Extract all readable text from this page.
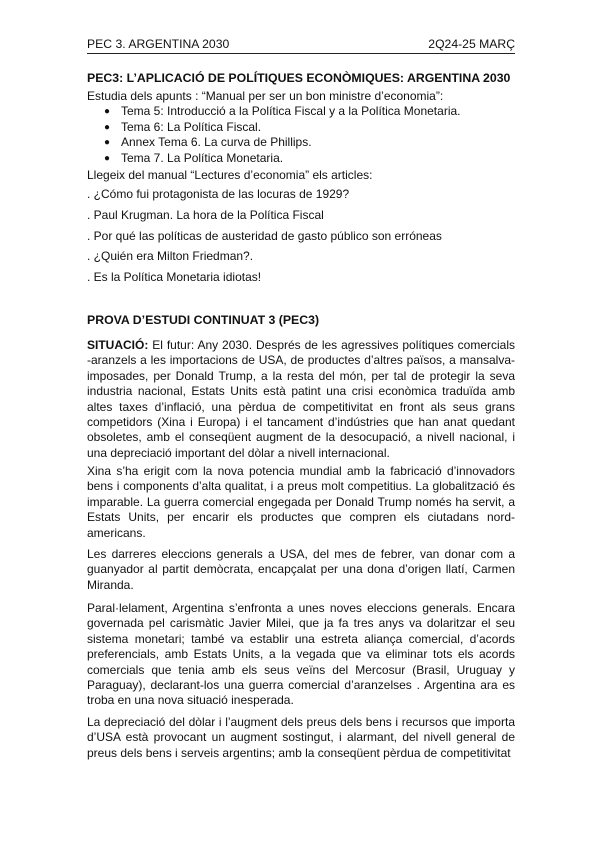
PEC 3. ARGENTINA 2030	2Q24-25 MARÇ
PEC3: L’APLICACIÓ DE POLÍTIQUES ECONÒMIQUES: ARGENTINA 2030
Estudia dels apunts : “Manual per ser un bon ministre d’economia”:
● Tema 5: Introducció a la Política Fiscal y a la Política Monetaria.
● Tema 6: La Política Fiscal.
● Annex Tema 6. La curva de Phillips.
● Tema 7. La Política Monetaria.
Llegeix del manual “Lectures d’economia” els articles:
. ¿Cómo fui protagonista de las locuras de 1929?
. Paul Krugman. La hora de la Política Fiscal
. Por qué las políticas de austeridad de gasto público son erróneas
. ¿Quién era Milton Friedman?.
. Es la Política Monetaria idiotas!
PROVA D’ESTUDI CONTINUAT 3 (PEC3)

SITUACIÓ: El futur: Any 2030. Després de les agressives polítiques comercials -aranzels a les importacions de USA, de productes d’altres països, a mansalva- imposades, per Donald Trump, a la resta del món, per tal de protegir la seva industria nacional, Estats Units està patint una crisi econòmica traduïda amb altes taxes d’inflació, una pèrdua de competitivitat en front als seus grans competidors (Xina i Europa) i el tancament d’indústries que han anat quedant obsoletes, amb el conseqüent augment de la desocupació, a nivell nacional, i una depreciació important del dòlar a nivell internacional.

Xina s’ha erigit com la nova potencia mundial amb la fabricació d’innovadors bens i components d’alta qualitat, i a preus molt competitius. La globalització és imparable. La guerra comercial engegada per Donald Trump només ha servit, a Estats Units, per encarir els productes que compren els ciutadans nord-americans.

Les darreres eleccions generals a USA, del mes de febrer, van donar com a guanyador al partit demòcrata, encapçalat per una dona d’origen llatí, Carmen Miranda.

Paral·lelament, Argentina s’enfronta a unes noves eleccions generals. Encara governada pel carismàtic Javier Milei, que ja fa tres anys va dolaritzar el seu sistema monetari; també va establir una estreta aliança comercial, d’acords preferencials, amb Estats Units, a la vegada que va eliminar tots els acords comercials que tenia amb els seus veïns del Mercosur (Brasil, Uruguay y Paraguay), declarant-los una guerra comercial d’aranzelses . Argentina ara es troba en una nova situació inesperada.

La depreciació del dòlar i l’augment dels preus dels bens i recursos que importa d’USA està provocant un augment sostingut, i alarmant, del nivell general de preus dels bens i serveis argentins; amb la conseqüent pèrdua de competitivitat
